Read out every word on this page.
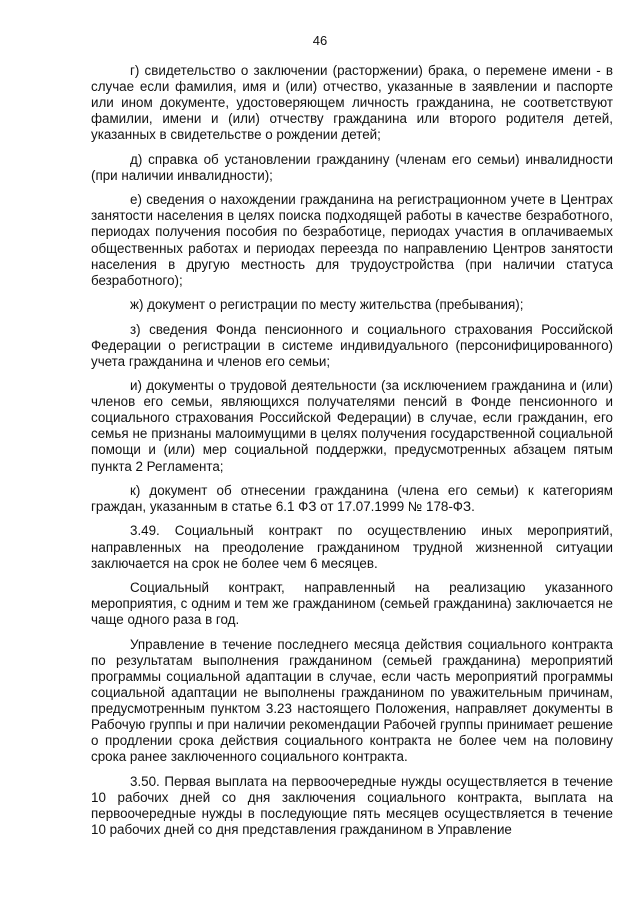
46

г) свидетельство о заключении (расторжении) брака, о перемене имени - в случае если фамилия, имя и (или) отчество, указанные в заявлении и паспорте или ином документе, удостоверяющем личность гражданина, не соответствуют фамилии, имени и (или) отчеству гражданина или второго родителя детей, указанных в свидетельстве о рождении детей;

д) справка об установлении гражданину (членам его семьи) инвалидности (при наличии инвалидности);

е) сведения о нахождении гражданина на регистрационном учете в Центрах занятости населения в целях поиска подходящей работы в качестве безработного, периодах получения пособия по безработице, периодах участия в оплачиваемых общественных работах и периодах переезда по направлению Центров занятости населения в другую местность для трудоустройства (при наличии статуса безработного);

ж) документ о регистрации по месту жительства (пребывания);

з) сведения Фонда пенсионного и социального страхования Российской Федерации о регистрации в системе индивидуального (персонифицированного) учета гражданина и членов его семьи;

и) документы о трудовой деятельности (за исключением гражданина и (или) членов его семьи, являющихся получателями пенсий в Фонде пенсионного и социального страхования Российской Федерации) в случае, если гражданин, его семья не признаны малоимущими в целях получения государственной социальной помощи и (или) мер социальной поддержки, предусмотренных абзацем пятым пункта 2 Регламента;

к) документ об отнесении гражданина (члена его семьи) к категориям граждан, указанным в статье 6.1 ФЗ от 17.07.1999 № 178-ФЗ.

3.49. Социальный контракт по осуществлению иных мероприятий, направленных на преодоление гражданином трудной жизненной ситуации заключается на срок не более чем 6 месяцев.

Социальный контракт, направленный на реализацию указанного мероприятия, с одним и тем же гражданином (семьей гражданина) заключается не чаще одного раза в год.

Управление в течение последнего месяца действия социального контракта по результатам выполнения гражданином (семьей гражданина) мероприятий программы социальной адаптации в случае, если часть мероприятий программы социальной адаптации не выполнены гражданином по уважительным причинам, предусмотренным пунктом 3.23 настоящего Положения, направляет документы в Рабочую группы и при наличии рекомендации Рабочей группы принимает решение о продлении срока действия социального контракта не более чем на половину срока ранее заключенного социального контракта.

3.50. Первая выплата на первоочередные нужды осуществляется в течение 10 рабочих дней со дня заключения социального контракта, выплата на первоочередные нужды в последующие пять месяцев осуществляется в течение 10 рабочих дней со дня представления гражданином в Управление
